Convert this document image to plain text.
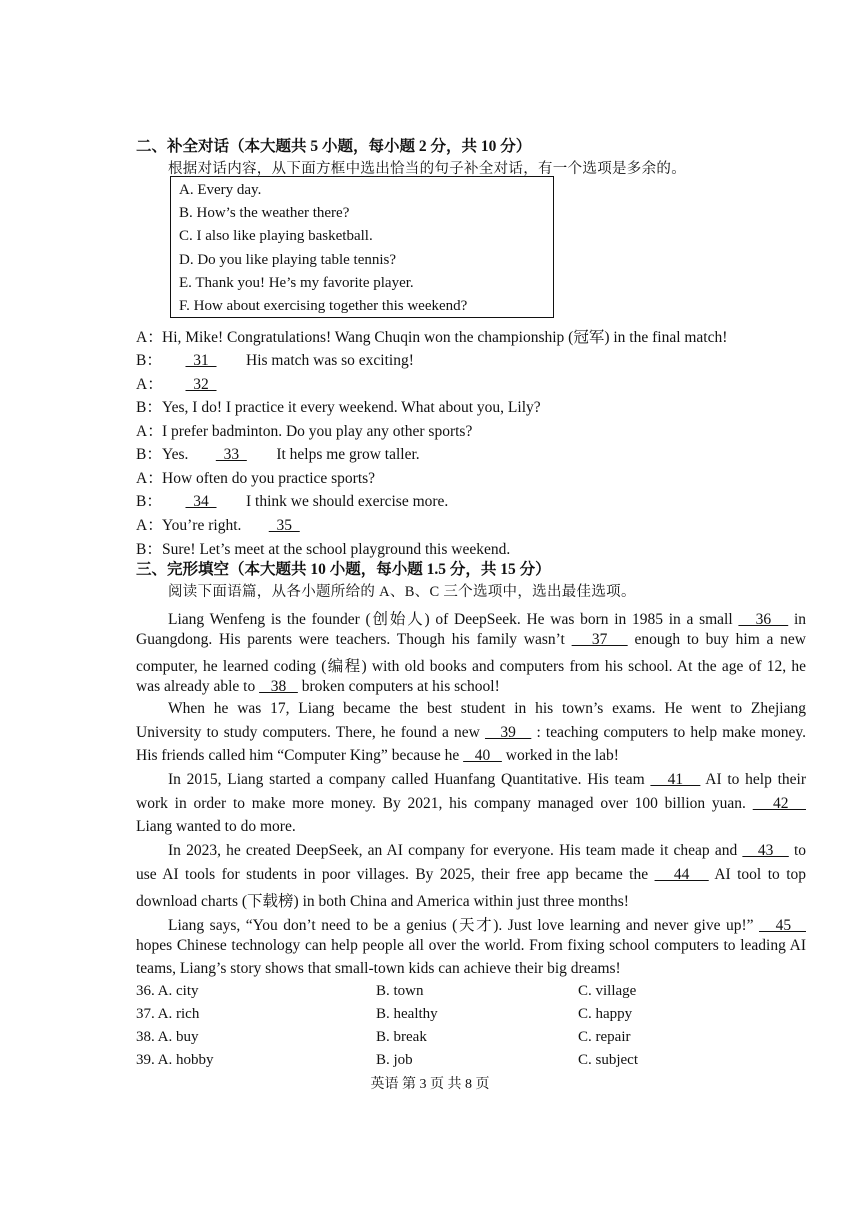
二、补全对话（本大题共 5 小题，每小题 2 分，共 10 分）
根据对话内容，从下面方框中选出恰当的句子补全对话，有一个选项是多余的。
A. Every day.
B. How’s the weather there?
C. I also like playing basketball.
D. Do you like playing table tennis?
E. Thank you! He’s my favorite player.
F. How about exercising together this weekend?
A：Hi, Mike! Congratulations! Wang Chuqin won the championship (冠军) in the final match!
B：  31  His match was so exciting!
A：  32
B：Yes, I do! I practice it every weekend. What about you, Lily?
A：I prefer badminton. Do you play any other sports?
B：Yes.   33  It helps me grow taller.
A：How often do you practice sports?
B：  34  I think we should exercise more.
A：You’re right.   35
B：Sure! Let’s meet at the school playground this weekend.
三、完形填空（本大题共 10 小题，每小题 1.5 分，共 15 分）
阅读下面语篇，从各小题所给的 A、B、C 三个选项中，选出最佳选项。
Liang Wenfeng is the founder (创始人) of DeepSeek. He was born in 1985 in a small    36    in
Guangdong. His parents were teachers. Though his family wasn’t    37    enough to buy him a new
computer, he learned coding (编程) with old books and computers from his school. At the age of 12, he
was already able to    38    broken computers at his school!
When he was 17, Liang became the best student in his town’s exams. He went to Zhejiang
University to study computers. There, he found a new    39    : teaching computers to help make money.
His friends called him “Computer King” because he    40    worked in the lab!
In 2015, Liang started a company called Huanfang Quantitative. His team    41    AI to help their
work in order to make more money. By 2021, his company managed over 100 billion yuan.    42
Liang wanted to do more.
In 2023, he created DeepSeek, an AI company for everyone. His team made it cheap and    43    to
use AI tools for students in poor villages. By 2025, their free app became the    44    AI tool to top
download charts (下载榜) in both China and America within just three months!
Liang says, “You don’t need to be a genius (天才). Just love learning and never give up!”    45
hopes Chinese technology can help people all over the world. From fixing school computers to leading AI
teams, Liang’s story shows that small-town kids can achieve their big dreams!
36. A. city	B. town	C. village
37. A. rich	B. healthy	C. happy
38. A. buy	B. break	C. repair
39. A. hobby	B. job	C. subject
英语 第 3 页 共 8 页
